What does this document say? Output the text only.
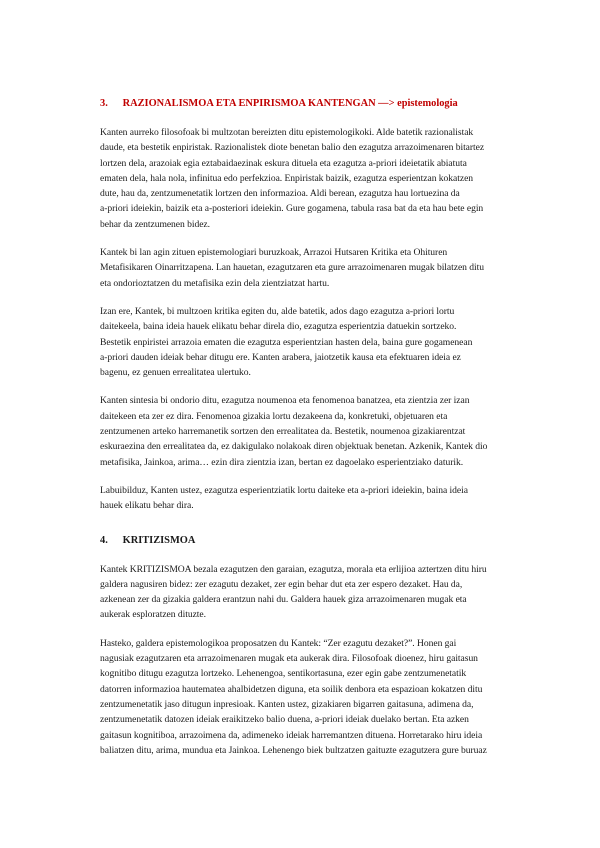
3. RAZIONALISMOA ETA ENPIRISMOA KANTENGAN —> epistemologia
Kanten aurreko filosofoak bi multzotan bereizten ditu epistemologikoki. Alde batetik razionalistak
daude, eta bestetik enpiristak. Razionalistek diote benetan balio den ezagutza arrazoimenaren bitartez
lortzen dela, arazoiak egia eztabaidaezinak eskura dituela eta ezagutza a-priori ideietatik abiatuta
ematen dela, hala nola, infinitua edo perfekzioa. Enpiristak baizik, ezagutza esperientzan kokatzen
dute, hau da, zentzumenetatik lortzen den informazioa. Aldi berean, ezagutza hau lortuezina da
a-priori ideiekin, baizik eta a-posteriori ideiekin. Gure gogamena, tabula rasa bat da eta hau bete egin
behar da zentzumenen bidez.
Kantek bi lan agin zituen epistemologiari buruzkoak, Arrazoi Hutsaren Kritika eta Ohituren
Metafisikaren Oinarritzapena. Lan hauetan, ezagutzaren eta gure arrazoimenaren mugak bilatzen ditu
eta ondorioztatzen du metafisika ezin dela zientziatzat hartu.
Izan ere, Kantek, bi multzoen kritika egiten du, alde batetik, ados dago ezagutza a-priori lortu
daitekeela, baina ideia hauek elikatu behar direla dio, ezagutza esperientzia datuekin sortzeko.
Bestetik enpiristei arrazoia ematen die ezagutza esperientzian hasten dela, baina gure gogamenean
a-priori dauden ideiak behar ditugu ere. Kanten arabera, jaiotzetik kausa eta efektuaren ideia ez
bagenu, ez genuen errealitatea ulertuko.
Kanten sintesia bi ondorio ditu, ezagutza noumenoa eta fenomenoa banatzea, eta zientzia zer izan
daitekeen eta zer ez dira. Fenomenoa gizakia lortu dezakeena da, konkretuki, objetuaren eta
zentzumenen arteko harremanetik sortzen den errealitatea da. Bestetik, noumenoa gizakiarentzat
eskuraezina den errealitatea da, ez dakigulako nolakoak diren objektuak benetan. Azkenik, Kantek dio
metafisika, Jainkoa, arima… ezin dira zientzia izan, bertan ez dagoelako esperientziako daturik.
Labuibilduz, Kanten ustez, ezagutza esperientziatik lortu daiteke eta a-priori ideiekin, baina ideia
hauek elikatu behar dira.
4. KRITIZISMOA
Kantek KRITIZISMOA bezala ezagutzen den garaian, ezagutza, morala eta erlijioa aztertzen ditu hiru
galdera nagusiren bidez: zer ezagutu dezaket, zer egin behar dut eta zer espero dezaket. Hau da,
azkenean zer da gizakia galdera erantzun nahi du. Galdera hauek giza arrazoimenaren mugak eta
aukerak esploratzen dituzte.
Hasteko, galdera epistemologikoa proposatzen du Kantek: “Zer ezagutu dezaket?”. Honen gai
nagusiak ezagutzaren eta arrazoimenaren mugak eta aukerak dira. Filosofoak dioenez, hiru gaitasun
kognitibo ditugu ezagutza lortzeko. Lehenengoa, sentikortasuna, ezer egin gabe zentzumenetatik
datorren informazioa hautematea ahalbidetzen diguna, eta soilik denbora eta espazioan kokatzen ditu
zentzumenetatik jaso ditugun inpresioak. Kanten ustez, gizakiaren bigarren gaitasuna, adimena da,
zentzumenetatik datozen ideiak eraikitzeko balio duena, a-priori ideiak duelako bertan. Eta azken
gaitasun kognitiboa, arrazoimena da, adimeneko ideiak harremantzen dituena. Horretarako hiru ideia
baliatzen ditu, arima, mundua eta Jainkoa. Lehenengo biek bultzatzen gaituzte ezagutzera gure buruaz
